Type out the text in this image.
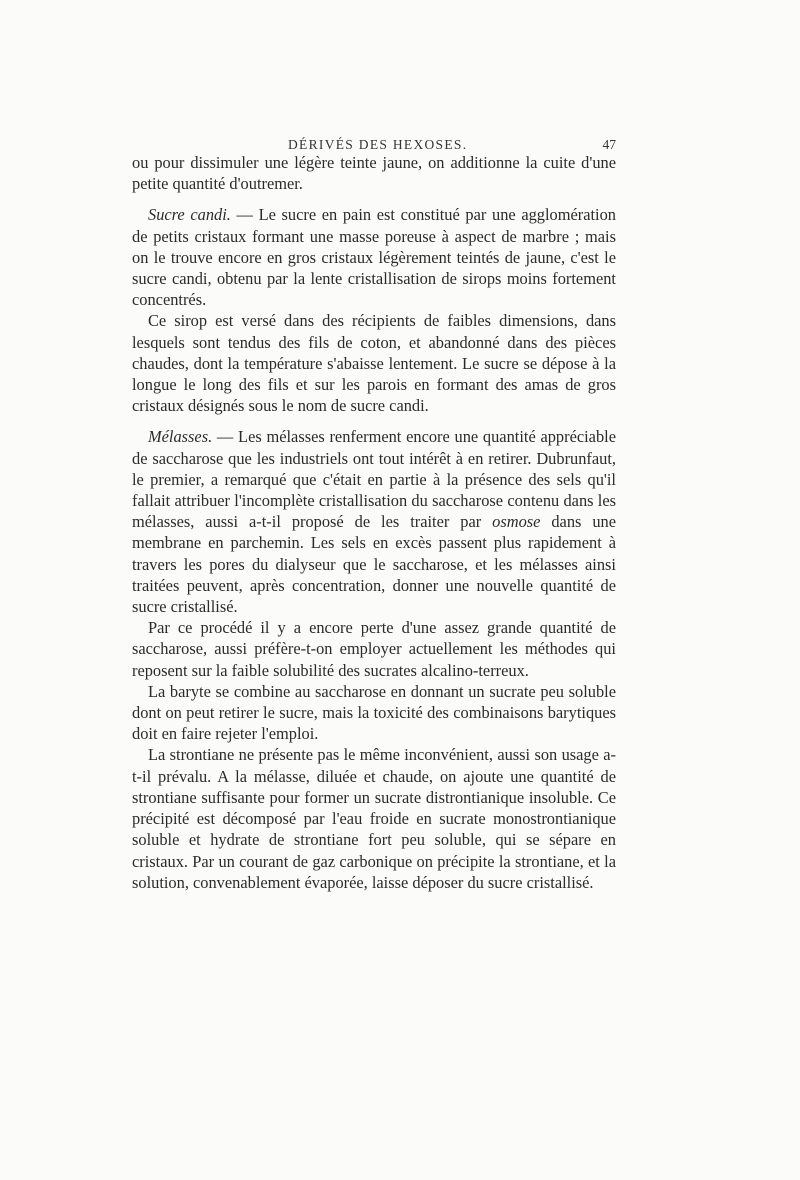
DÉRIVÉS DES HEXOSES.	47

ou pour dissimuler une légère teinte jaune, on additionne la cuite d'une petite quantité d'outremer.

Sucre candi. — Le sucre en pain est constitué par une agglomération de petits cristaux formant une masse poreuse à aspect de marbre ; mais on le trouve encore en gros cristaux légèrement teintés de jaune, c'est le sucre candi, obtenu par la lente cristallisation de sirops moins fortement concentrés.

Ce sirop est versé dans des récipients de faibles dimensions, dans lesquels sont tendus des fils de coton, et abandonné dans des pièces chaudes, dont la température s'abaisse lentement. Le sucre se dépose à la longue le long des fils et sur les parois en formant des amas de gros cristaux désignés sous le nom de sucre candi.

Mélasses. — Les mélasses renferment encore une quantité appréciable de saccharose que les industriels ont tout intérêt à en retirer. Dubrunfaut, le premier, a remarqué que c'était en partie à la présence des sels qu'il fallait attribuer l'incomplète cristallisation du saccharose contenu dans les mélasses, aussi a-t-il proposé de les traiter par osmose dans une membrane en parchemin. Les sels en excès passent plus rapidement à travers les pores du dialyseur que le saccharose, et les mélasses ainsi traitées peuvent, après concentration, donner une nouvelle quantité de sucre cristallisé.

Par ce procédé il y a encore perte d'une assez grande quantité de saccharose, aussi préfère-t-on employer actuellement les méthodes qui reposent sur la faible solubilité des sucrates alcalino-terreux.

La baryte se combine au saccharose en donnant un sucrate peu soluble dont on peut retirer le sucre, mais la toxicité des combinaisons barytiques doit en faire rejeter l'emploi.

La strontiane ne présente pas le même inconvénient, aussi son usage a-t-il prévalu. A la mélasse, diluée et chaude, on ajoute une quantité de strontiane suffisante pour former un sucrate distrontianique insoluble. Ce précipité est décomposé par l'eau froide en sucrate monostrontianique soluble et hydrate de strontiane fort peu soluble, qui se sépare en cristaux. Par un courant de gaz carbonique on précipite la strontiane, et la solution, convenablement évaporée, laisse déposer du sucre cristallisé.
